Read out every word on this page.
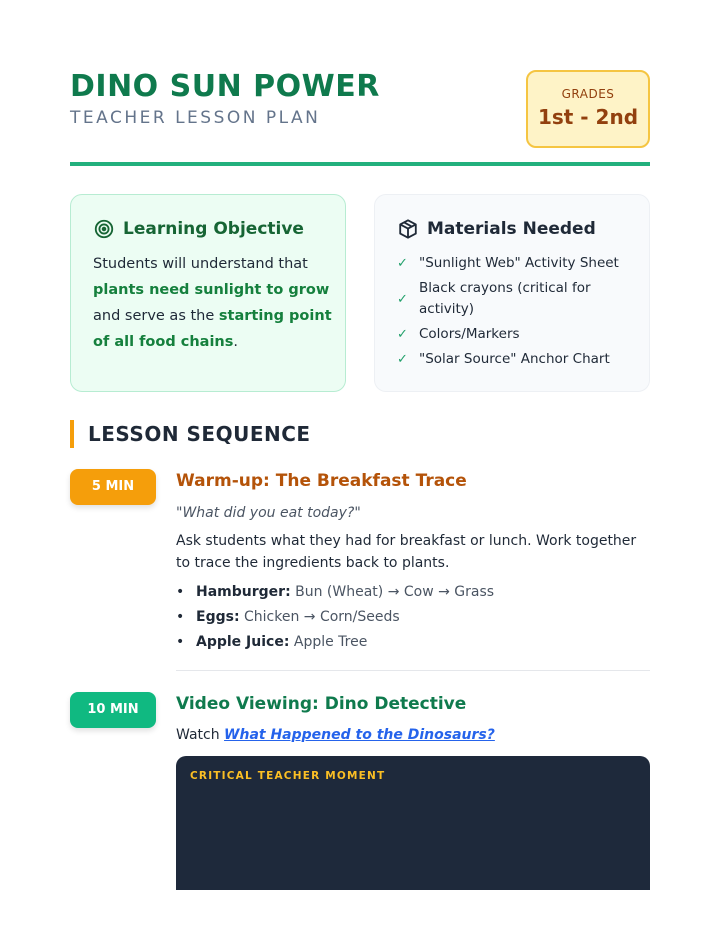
DINO SUN POWER
TEACHER LESSON PLAN
GRADES
1st - 2nd
Learning Objective
Students will understand that plants need sunlight to grow and serve as the starting point of all food chains.
Materials Needed
✓ "Sunlight Web" Activity Sheet
✓
Black crayons (critical for activity)
✓ Colors/Markers
✓ "Solar Source" Anchor Chart
LESSON SEQUENCE
5 MIN	Warm-up: The Breakfast Trace
"What did you eat today?"
Ask students what they had for breakfast or lunch. Work together to trace the ingredients back to plants.
• Hamburger: Bun (Wheat) → Cow → Grass
• Eggs: Chicken → Corn/Seeds
• Apple Juice: Apple Tree
10 MIN	Video Viewing: Dino Detective
Watch What Happened to the Dinosaurs?
CRITICAL TEACHER MOMENT
